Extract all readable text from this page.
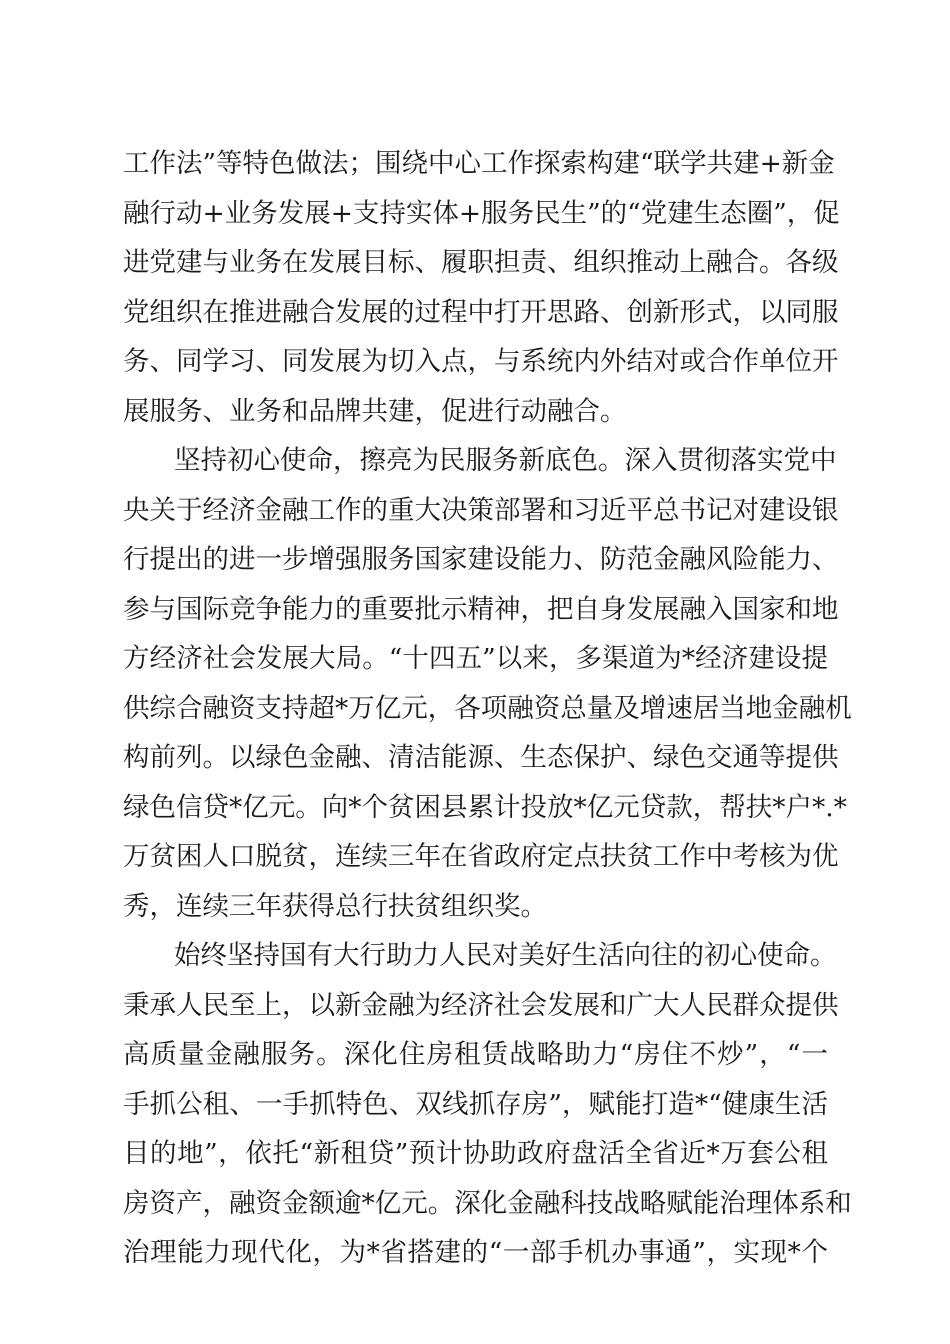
工作法”等特色做法；围绕中心工作探索构建“联学共建+新金
融行动+业务发展+支持实体+服务民生”的“党建生态圈”，促
进党建与业务在发展目标、履职担责、组织推动上融合。各级
党组织在推进融合发展的过程中打开思路、创新形式，以同服
务、同学习、同发展为切入点，与系统内外结对或合作单位开
展服务、业务和品牌共建，促进行动融合。
坚持初心使命，擦亮为民服务新底色。深入贯彻落实党中
央关于经济金融工作的重大决策部署和习近平总书记对建设银
行提出的进一步增强服务国家建设能力、防范金融风险能力、
参与国际竞争能力的重要批示精神，把自身发展融入国家和地
方经济社会发展大局。“十四五”以来，多渠道为*经济建设提
供综合融资支持超*万亿元，各项融资总量及增速居当地金融机
构前列。以绿色金融、清洁能源、生态保护、绿色交通等提供
绿色信贷*亿元。向*个贫困县累计投放*亿元贷款，帮扶*户*.*
万贫困人口脱贫，连续三年在省政府定点扶贫工作中考核为优
秀，连续三年获得总行扶贫组织奖。
始终坚持国有大行助力人民对美好生活向往的初心使命。
秉承人民至上，以新金融为经济社会发展和广大人民群众提供
高质量金融服务。深化住房租赁战略助力“房住不炒”，“一
手抓公租、一手抓特色、双线抓存房”，赋能打造*“健康生活
目的地”，依托“新租贷”预计协助政府盘活全省近*万套公租
房资产，融资金额逾*亿元。深化金融科技战略赋能治理体系和
治理能力现代化，为*省搭建的“一部手机办事通”，实现*个
